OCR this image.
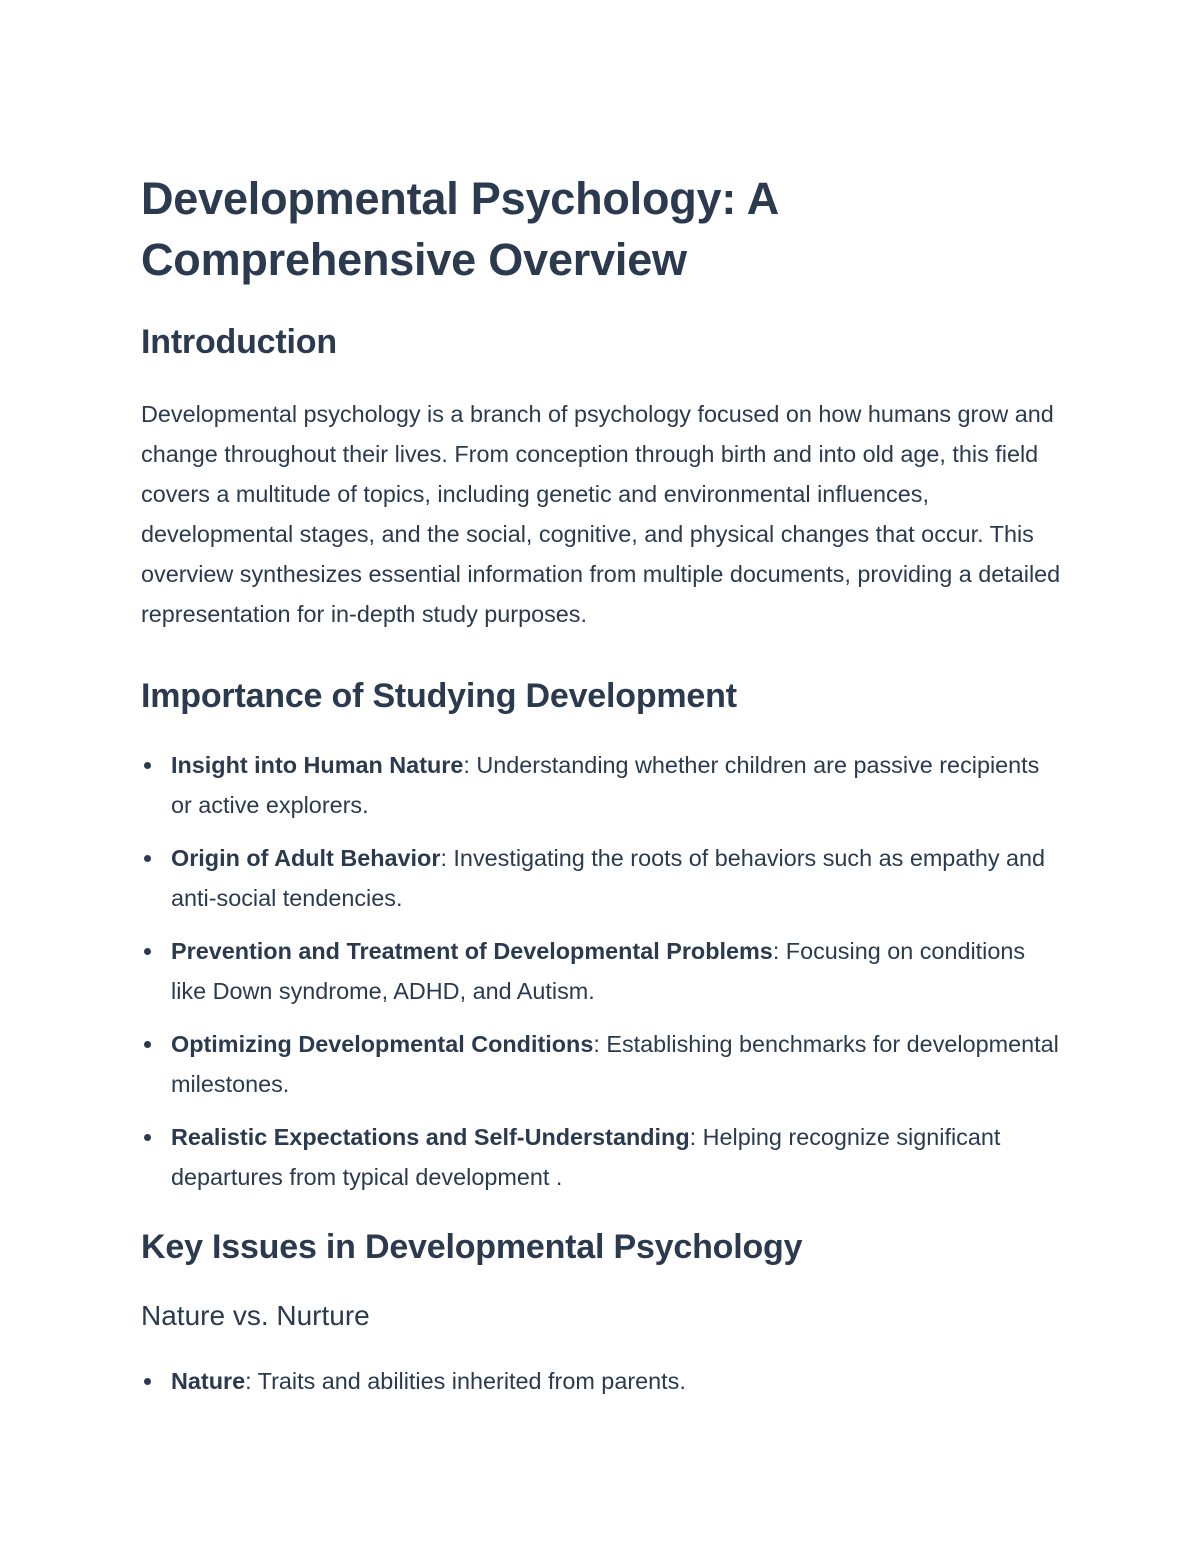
Developmental Psychology: A Comprehensive Overview
Introduction

Developmental psychology is a branch of psychology focused on how humans grow and change throughout their lives. From conception through birth and into old age, this field covers a multitude of topics, including genetic and environmental influences, developmental stages, and the social, cognitive, and physical changes that occur. This overview synthesizes essential information from multiple documents, providing a detailed representation for in-depth study purposes.

Importance of Studying Development
Insight into Human Nature: Understanding whether children are passive recipients or active explorers.
Origin of Adult Behavior: Investigating the roots of behaviors such as empathy and anti-social tendencies.
Prevention and Treatment of Developmental Problems: Focusing on conditions like Down syndrome, ADHD, and Autism.
Optimizing Developmental Conditions: Establishing benchmarks for developmental milestones.
Realistic Expectations and Self-Understanding: Helping recognize significant departures from typical development .
Key Issues in Developmental Psychology
Nature vs. Nurture
Nature: Traits and abilities inherited from parents.
